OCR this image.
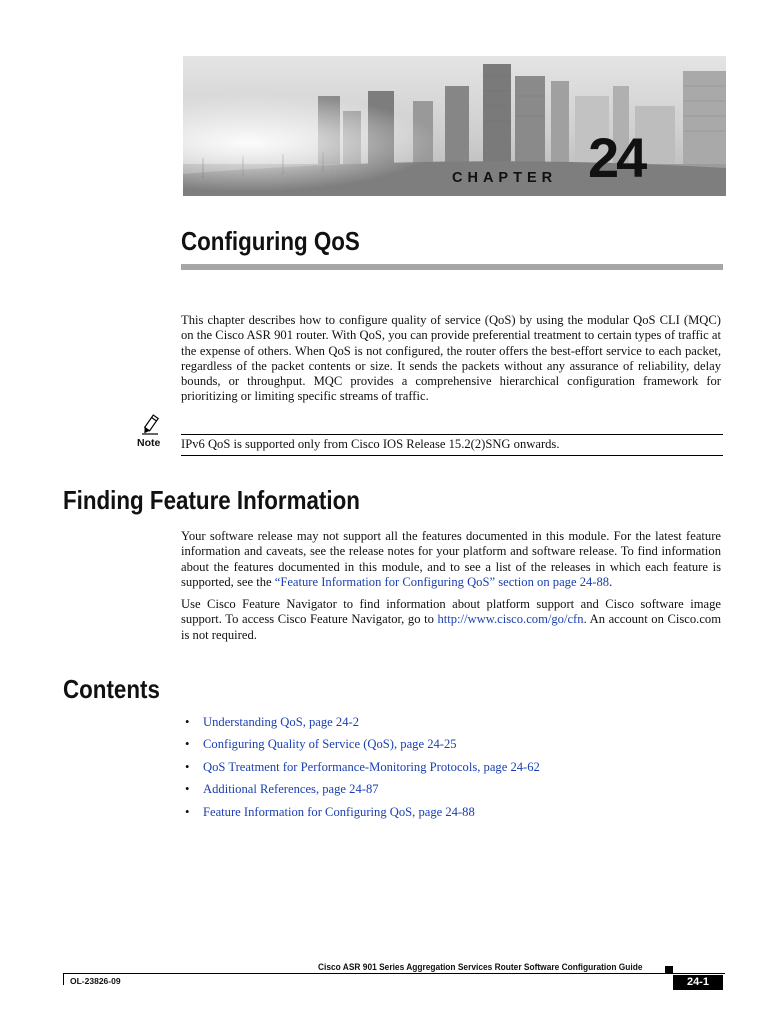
CHAPTER 24
Configuring QoS
This chapter describes how to configure quality of service (QoS) by using the modular QoS CLI (MQC) on the Cisco ASR 901 router. With QoS, you can provide preferential treatment to certain types of traffic at the expense of others. When QoS is not configured, the router offers the best-effort service to each packet, regardless of the packet contents or size. It sends the packets without any assurance of reliability, delay bounds, or throughput. MQC provides a comprehensive hierarchical configuration framework for prioritizing or limiting specific streams of traffic.
Note IPv6 QoS is supported only from Cisco IOS Release 15.2(2)SNG onwards.
Finding Feature Information
Your software release may not support all the features documented in this module. For the latest feature information and caveats, see the release notes for your platform and software release. To find information about the features documented in this module, and to see a list of the releases in which each feature is supported, see the “Feature Information for Configuring QoS” section on page 24-88.
Use Cisco Feature Navigator to find information about platform support and Cisco software image support. To access Cisco Feature Navigator, go to http://www.cisco.com/go/cfn. An account on Cisco.com is not required.
Contents
• Understanding QoS, page 24-2
• Configuring Quality of Service (QoS), page 24-25
• QoS Treatment for Performance-Monitoring Protocols, page 24-62
• Additional References, page 24-87
• Feature Information for Configuring QoS, page 24-88
Cisco ASR 901 Series Aggregation Services Router Software Configuration Guide
OL-23826-09	24-1
